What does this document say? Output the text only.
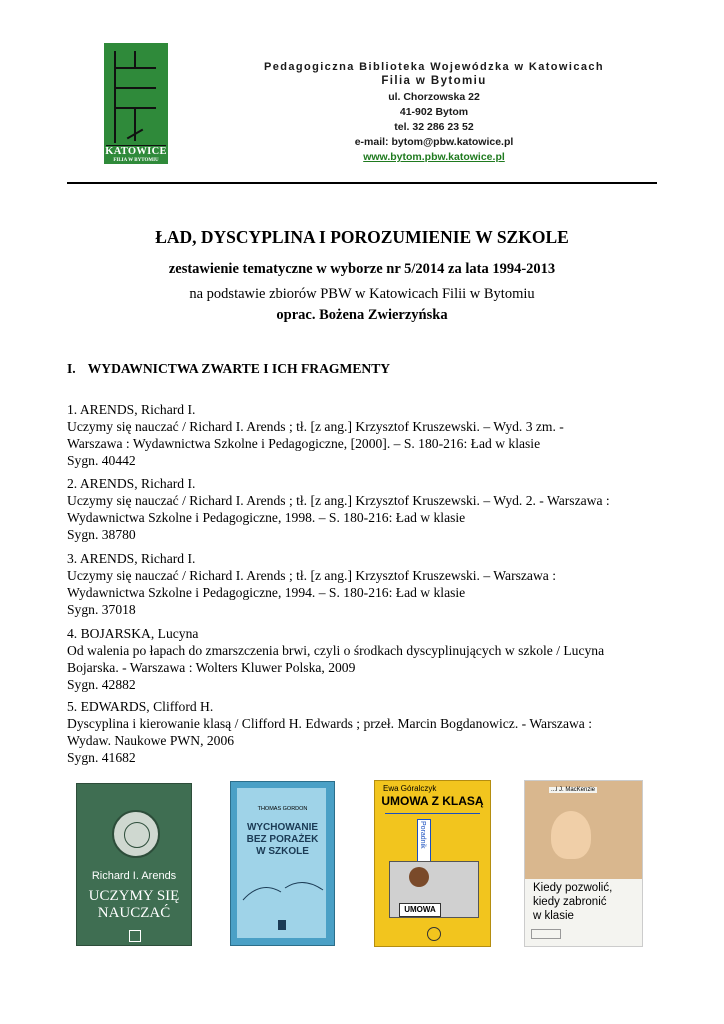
KATOWICE
FILIA W BYTOMIU
Pedagogiczna Biblioteka Wojewódzka w Katowicach
Filia w Bytomiu
ul. Chorzowska 22
41-902 Bytom
tel. 32 286 23 52
e-mail: bytom@pbw.katowice.pl
www.bytom.pbw.katowice.pl
ŁAD, DYSCYPLINA I POROZUMIENIE W SZKOLE
zestawienie tematyczne w wyborze nr 5/2014 za lata 1994-2013
na podstawie zbiorów PBW w Katowicach Filii w Bytomiu
oprac. Bożena Zwierzyńska
I. WYDAWNICTWA ZWARTE I ICH FRAGMENTY
1. ARENDS, Richard I.
Uczymy się nauczać / Richard I. Arends ; tł. [z ang.] Krzysztof Kruszewski. – Wyd. 3 zm. -
Warszawa : Wydawnictwa Szkolne i Pedagogiczne, [2000]. – S. 180-216: Ład w klasie
Sygn. 40442
2. ARENDS, Richard I.
Uczymy się nauczać / Richard I. Arends ; tł. [z ang.] Krzysztof Kruszewski. – Wyd. 2. - Warszawa :
Wydawnictwa Szkolne i Pedagogiczne, 1998. – S. 180-216: Ład w klasie
Sygn. 38780
3. ARENDS, Richard I.
Uczymy się nauczać / Richard I. Arends ; tł. [z ang.] Krzysztof Kruszewski. – Warszawa :
Wydawnictwa Szkolne i Pedagogiczne, 1994. – S. 180-216: Ład w klasie
Sygn. 37018
4. BOJARSKA, Lucyna
Od walenia po łapach do zmarszczenia brwi, czyli o środkach dyscyplinujących w szkole / Lucyna
Bojarska. - Warszawa : Wolters Kluwer Polska, 2009
Sygn. 42882
5. EDWARDS, Clifford H.
Dyscyplina i kierowanie klasą / Clifford H. Edwards ; przeł. Marcin Bogdanowicz. - Warszawa :
Wydaw. Naukowe PWN, 2006
Sygn. 41682
Richard I. Arends
UCZYMY SIĘ
NAUCZAĆ
THOMAS GORDON
WYCHOWANIE
BEZ PORAŻEK
W SZKOLE
Ewa Góralczyk
UMOWA Z KLASĄ
Poradnik
UMOWA
...l J. MacKenzie
Kiedy pozwolić,
kiedy zabronić
w klasie
